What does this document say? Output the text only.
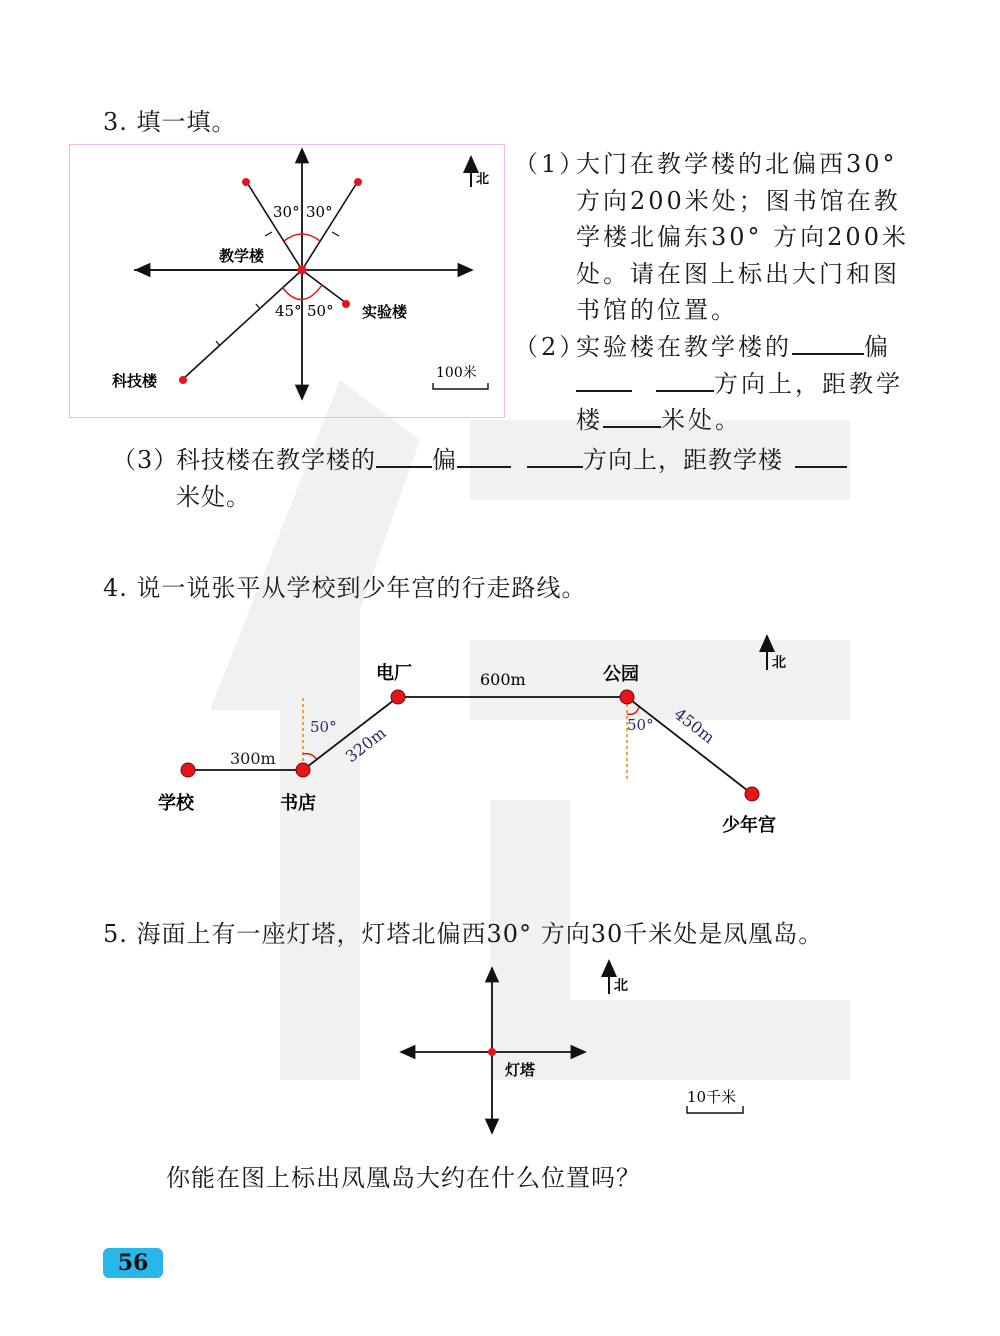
3. 填一填。
30° 30°
45° 50°
教学楼
实验楼
科技楼
北
100米
（1）
大门在教学楼的北偏西30°
方向200米处；图书馆在教
学楼北偏东30° 方向200米
处。请在图上标出大门和图
书馆的位置。
（2）
实验楼在教学楼的	偏
方向上，距教学
楼 米处。
（3）
科技楼在教学楼的 偏	方向上，距教学楼
米处。
4. 说一说张平从学校到少年宫的行走路线。
学校	书店
电厂	公园
少年宫
300m	320m
600m
450m
50°	50°
北
5. 海面上有一座灯塔，灯塔北偏西30° 方向30千米处是凤凰岛。
灯塔
北
10千米
你能在图上标出凤凰岛大约在什么位置吗？
56
